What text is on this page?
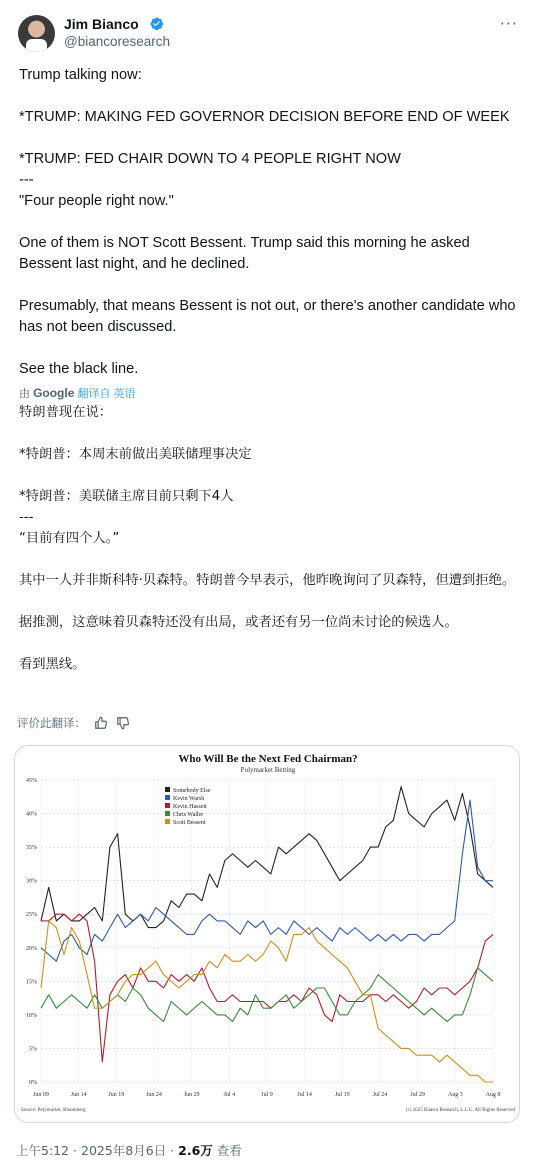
Jim Bianco
@biancoresearch
···

Trump talking now:

*TRUMP: MAKING FED GOVERNOR DECISION BEFORE END OF WEEK

*TRUMP: FED CHAIR DOWN TO 4 PEOPLE RIGHT NOW

---

"Four people right now."

One of them is NOT Scott Bessent. Trump said this morning he asked Bessent last night, and he declined.

Presumably, that means Bessent is not out, or there's another candidate who has not been discussed.

See the black line.

由 Google 翻译自 英语

特朗普现在说：

*特朗普：本周末前做出美联储理事决定

*特朗普：美联储主席目前只剩下4人

---

“目前有四个人。”

其中一人并非斯科特·贝森特。特朗普今早表示，他昨晚询问了贝森特，但遭到拒绝。

据推测，这意味着贝森特还没有出局，或者还有另一位尚未讨论的候选人。

看到黑线。

评价此翻译：
Who Will Be the Next Fed Chairman?
Polymarket Betting
0%
5%
10%
15%
20%
25%
30%
35%
40%
45%
Jun 09	Jun 14	Jun 19	Jun 24	Jun 29	Jul 4	Jul 9	Jul 14	Jul 19	Jul 24	Jul 29	Aug 3	Aug 8
Somebody Else
Kevin Warsh
Kevin Hassett
Chris Waller
Scott Bessent
Source: Polymarket, Bloomberg	(c) 2025 Bianco Research, L.L.C. All Rights Reserved
上午5:12 · 2025年8月6日 · 2.6万 查看
